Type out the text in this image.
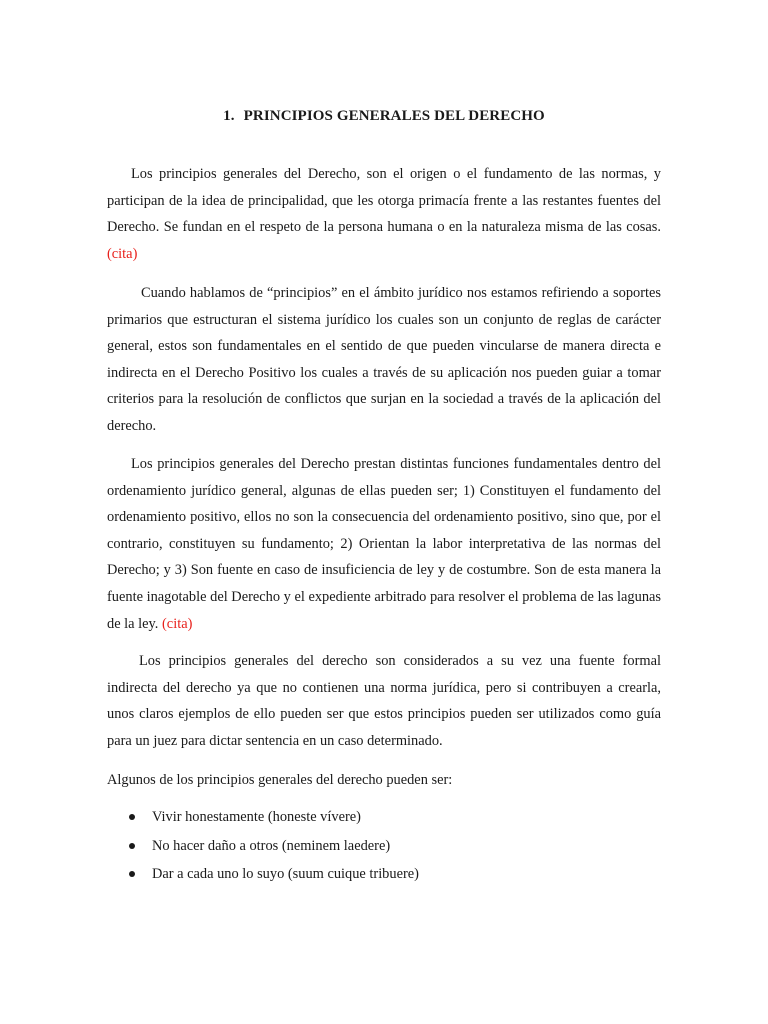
1. PRINCIPIOS GENERALES DEL DERECHO

Los principios generales del Derecho, son el origen o el fundamento de las normas, y participan de la idea de principalidad, que les otorga primacía frente a las restantes fuentes del Derecho. Se fundan en el respeto de la persona humana o en la naturaleza misma de las cosas. (cita)

Cuando hablamos de “principios” en el ámbito jurídico nos estamos refiriendo a soportes primarios que estructuran el sistema jurídico los cuales son un conjunto de reglas de carácter general, estos son fundamentales en el sentido de que pueden vincularse de manera directa e indirecta en el Derecho Positivo los cuales a través de su aplicación nos pueden guiar a tomar criterios para la resolución de conflictos que surjan en la sociedad a través de la aplicación del derecho.

Los principios generales del Derecho prestan distintas funciones fundamentales dentro del ordenamiento jurídico general, algunas de ellas pueden ser; 1) Constituyen el fundamento del ordenamiento positivo, ellos no son la consecuencia del ordenamiento positivo, sino que, por el contrario, constituyen su fundamento; 2) Orientan la labor interpretativa de las normas del Derecho; y 3) Son fuente en caso de insuficiencia de ley y de costumbre. Son de esta manera la fuente inagotable del Derecho y el expediente arbitrado para resolver el problema de las lagunas de la ley. (cita)

Los principios generales del derecho son considerados a su vez una fuente formal indirecta del derecho ya que no contienen una norma jurídica, pero si contribuyen a crearla, unos claros ejemplos de ello pueden ser que estos principios pueden ser utilizados como guía para un juez para dictar sentencia en un caso determinado.

Algunos de los principios generales del derecho pueden ser:

Vivir honestamente (honeste vívere)
No hacer daño a otros (neminem laedere)
Dar a cada uno lo suyo (suum cuique tribuere)
